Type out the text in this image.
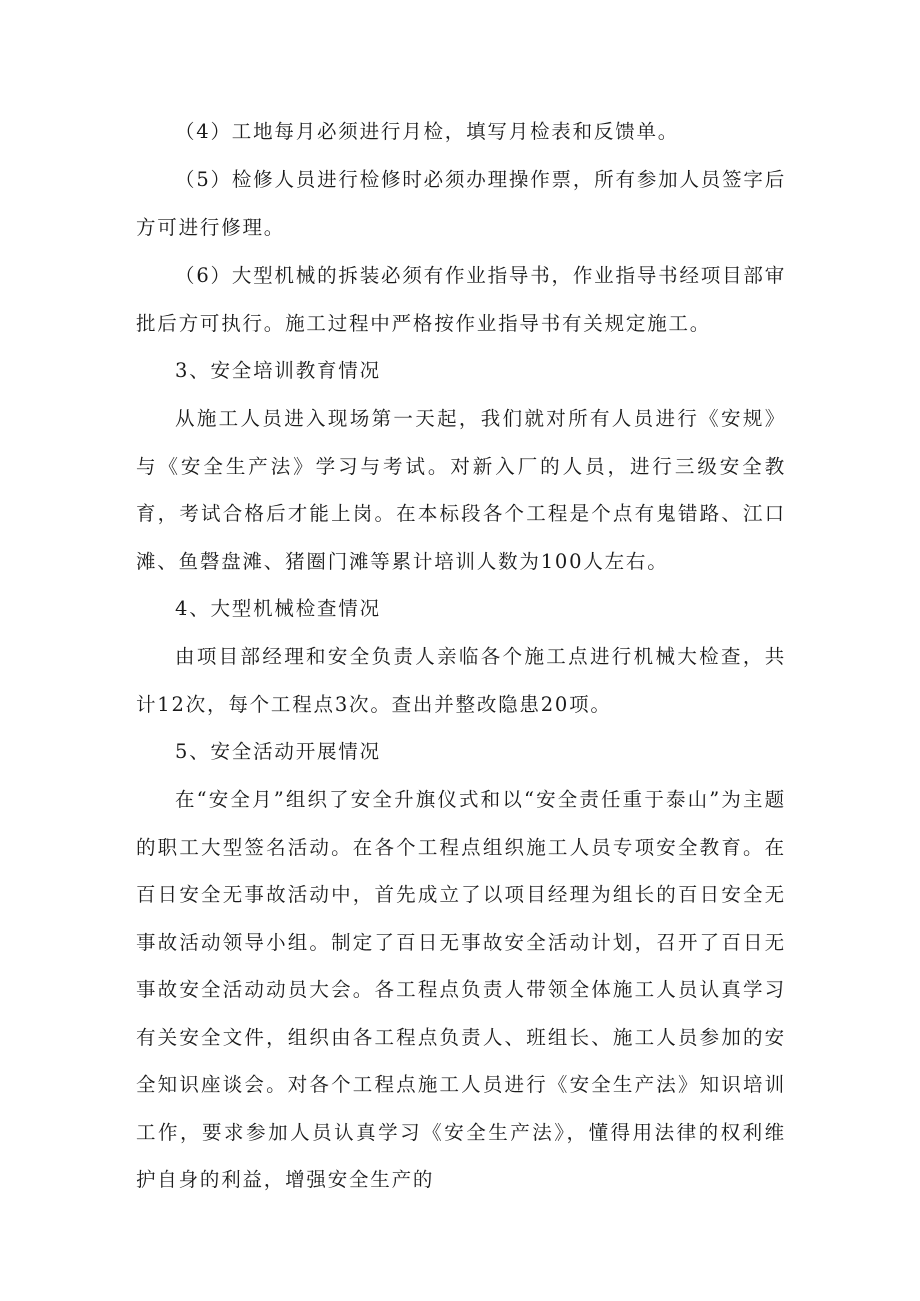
（4）工地每月必须进行月检，填写月检表和反馈单。

（5）检修人员进行检修时必须办理操作票，所有参加人员签字后方可进行修理。

（6）大型机械的拆装必须有作业指导书，作业指导书经项目部审批后方可执行。施工过程中严格按作业指导书有关规定施工。

3、安全培训教育情况

从施工人员进入现场第一天起，我们就对所有人员进行《安规》与《安全生产法》学习与考试。对新入厂的人员，进行三级安全教育，考试合格后才能上岗。在本标段各个工程是个点有鬼错路、江口滩、鱼磬盘滩、猪圈门滩等累计培训人数为100人左右。

4、大型机械检查情况

由项目部经理和安全负责人亲临各个施工点进行机械大检查，共计12次，每个工程点3次。查出并整改隐患20项。

5、安全活动开展情况

在“安全月”组织了安全升旗仪式和以“安全责任重于泰山”为主题的职工大型签名活动。在各个工程点组织施工人员专项安全教育。在百日安全无事故活动中，首先成立了以项目经理为组长的百日安全无事故活动领导小组。制定了百日无事故安全活动计划，召开了百日无事故安全活动动员大会。各工程点负责人带领全体施工人员认真学习有关安全文件，组织由各工程点负责人、班组长、施工人员参加的安全知识座谈会。对各个工程点施工人员进行《安全生产法》知识培训工作，要求参加人员认真学习《安全生产法》，懂得用法律的权利维护自身的利益，增强安全生产的
